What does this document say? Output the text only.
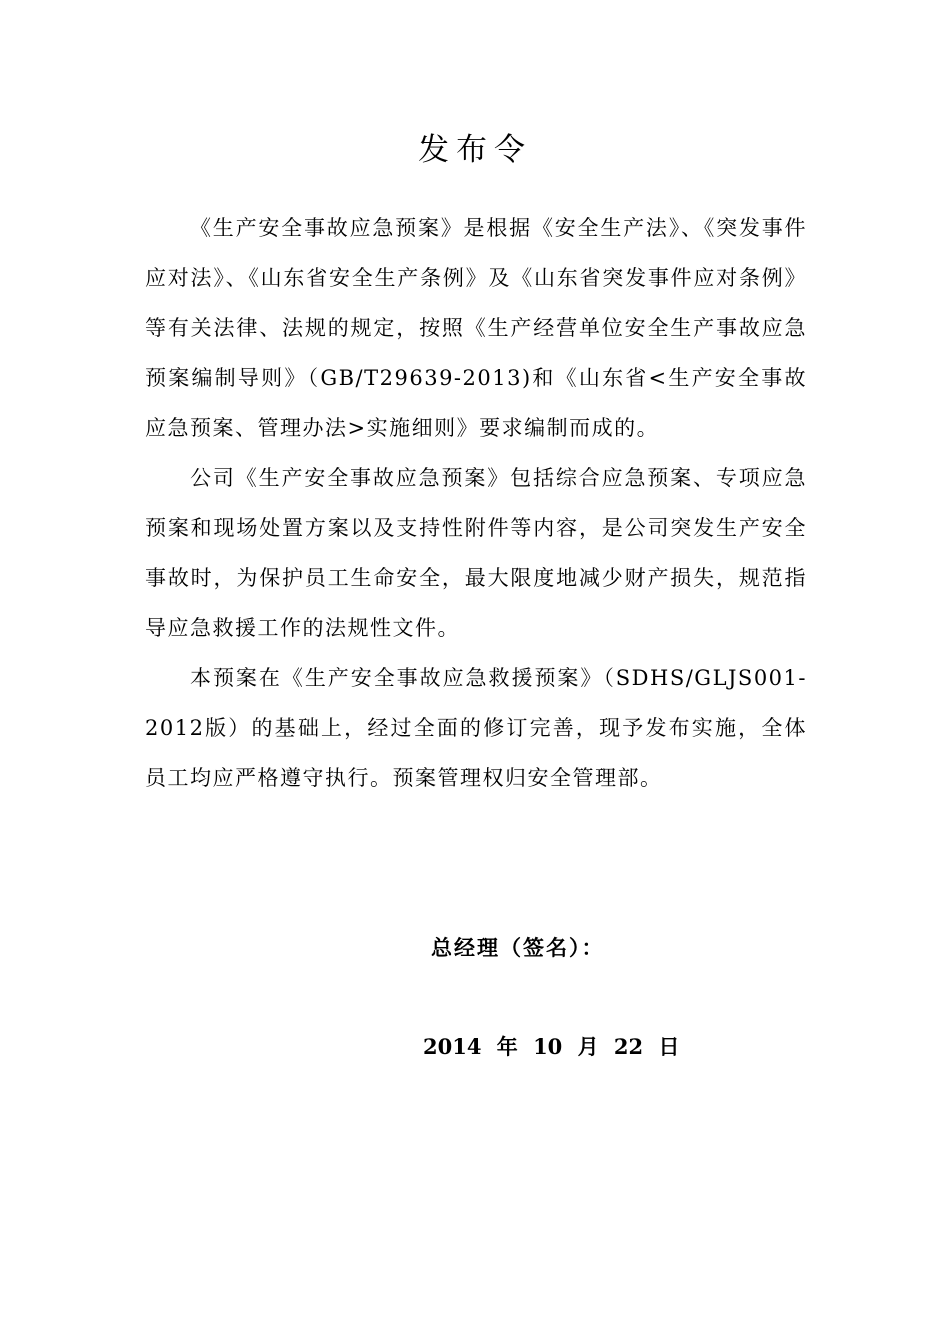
发布令

《生产安全事故应急预案》是根据《安全生产法》、《突发事件应对法》、《山东省安全生产条例》及《山东省突发事件应对条例》等有关法律、法规的规定，按照《生产经营单位安全生产事故应急预案编制导则》（GB/T29639-2013)和《山东省<生产安全事故应急预案、管理办法>实施细则》要求编制而成的。

公司《生产安全事故应急预案》包括综合应急预案、专项应急预案和现场处置方案以及支持性附件等内容，是公司突发生产安全事故时，为保护员工生命安全，最大限度地减少财产损失，规范指导应急救援工作的法规性文件。

本预案在《生产安全事故应急救援预案》（SDHS/GLJS001-2012版）的基础上，经过全面的修订完善，现予发布实施，全体员工均应严格遵守执行。预案管理权归安全管理部。

总经理（签名）：
2014 年 10 月 22 日
